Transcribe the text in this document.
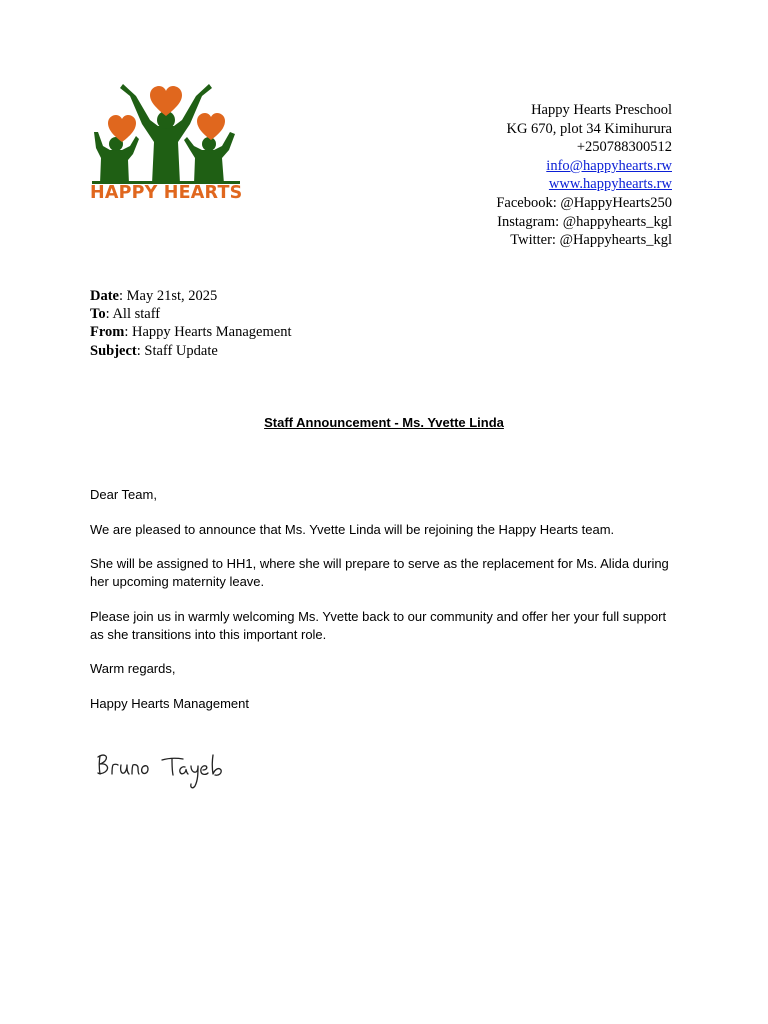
HAPPY HEARTS
Happy Hearts Preschool
KG 670, plot 34 Kimihurura
+250788300512
info@happyhearts.rw
www.happyhearts.rw
Facebook: @HappyHearts250
Instagram: @happyhearts_kgl
Twitter: @Happyhearts_kgl
Date: May 21st, 2025
To: All staff
From: Happy Hearts Management
Subject: Staff Update
Staff Announcement - Ms. Yvette Linda

Dear Team,

We are pleased to announce that Ms. Yvette Linda will be rejoining the Happy Hearts team.

She will be assigned to HH1, where she will prepare to serve as the replacement for Ms. Alida during her upcoming maternity leave.

Please join us in warmly welcoming Ms. Yvette back to our community and offer her your full support as she transitions into this important role.

Warm regards,

Happy Hearts Management
